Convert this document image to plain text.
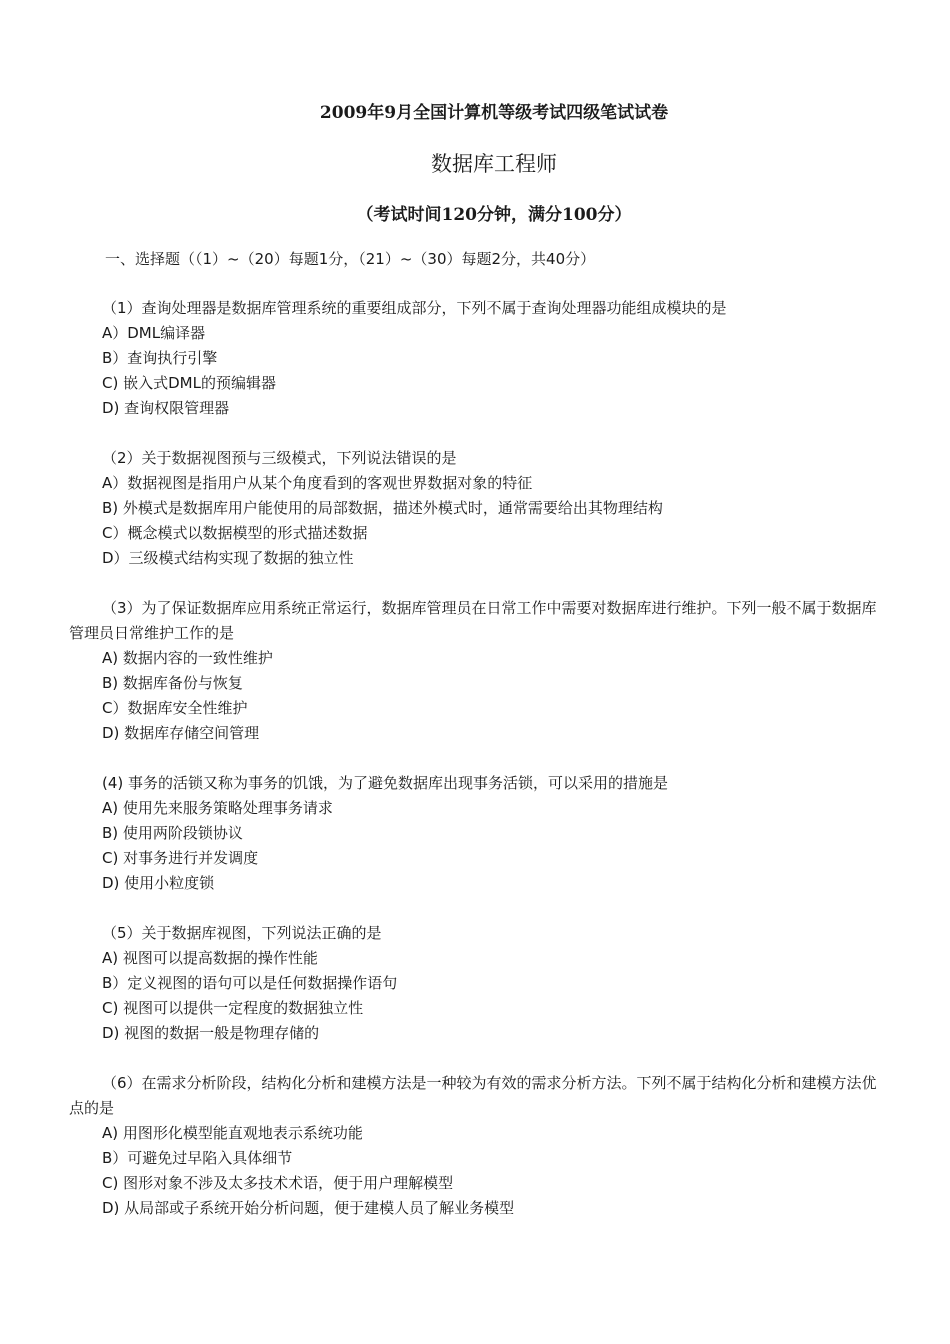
2009年9月全国计算机等级考试四级笔试试卷
数据库工程师
（考试时间120分钟，满分100分）
一、选择题（（1）~（20）每题1分，（21）~（30）每题2分，共40分）

（1）查询处理器是数据库管理系统的重要组成部分，下列不属于查询处理器功能组成模块的是

A）DML编译器

B）查询执行引擎

C) 嵌入式DML的预编辑器

D) 查询权限管理器

（2）关于数据视图预与三级模式，下列说法错误的是

A）数据视图是指用户从某个角度看到的客观世界数据对象的特征

B) 外模式是数据库用户能使用的局部数据，描述外模式时，通常需要给出其物理结构

C）概念模式以数据模型的形式描述数据

D）三级模式结构实现了数据的独立性

（3）为了保证数据库应用系统正常运行，数据库管理员在日常工作中需要对数据库进行维护。下列一般不属于数据库管理员日常维护工作的是

A) 数据内容的一致性维护

B) 数据库备份与恢复

C）数据库安全性维护

D) 数据库存储空间管理

(4) 事务的活锁又称为事务的饥饿，为了避免数据库出现事务活锁，可以采用的措施是

A) 使用先来服务策略处理事务请求

B) 使用两阶段锁协议

C) 对事务进行并发调度

D) 使用小粒度锁

（5）关于数据库视图，下列说法正确的是

A) 视图可以提高数据的操作性能

B）定义视图的语句可以是任何数据操作语句

C) 视图可以提供一定程度的数据独立性

D) 视图的数据一般是物理存储的

（6）在需求分析阶段，结构化分析和建模方法是一种较为有效的需求分析方法。下列不属于结构化分析和建模方法优点的是

A) 用图形化模型能直观地表示系统功能

B）可避免过早陷入具体细节

C) 图形对象不涉及太多技术术语，便于用户理解模型

D) 从局部或子系统开始分析问题，便于建模人员了解业务模型
